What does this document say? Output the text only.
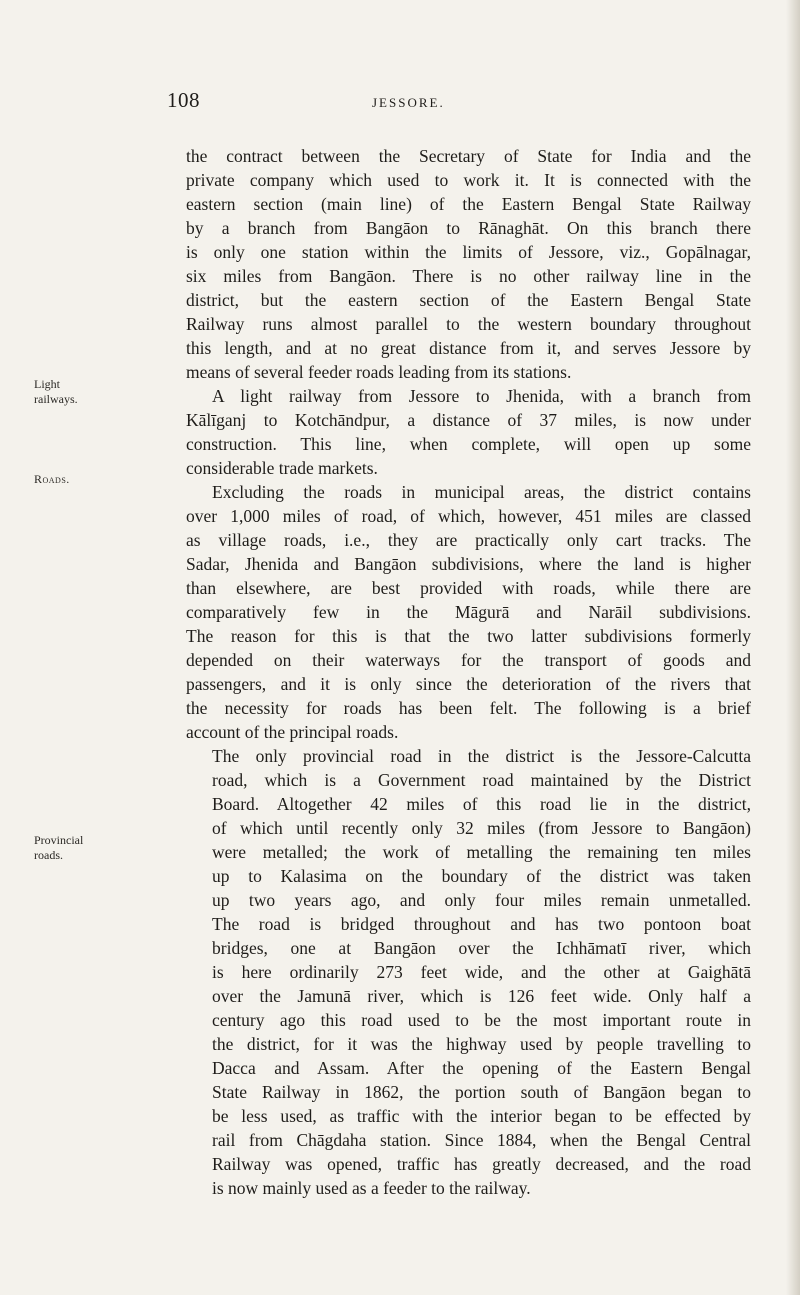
108	JESSORE.
Light
railways.
Roads.
Provincial
roads.
the contract between the Secretary of State for India and the
private company which used to work it. It is connected with the
eastern section (main line) of the Eastern Bengal State Railway
by a branch from Bangāon to Rānaghāt. On this branch there
is only one station within the limits of Jessore, viz., Gopālnagar,
six miles from Bangāon. There is no other railway line in the
district, but the eastern section of the Eastern Bengal State
Railway runs almost parallel to the western boundary throughout
this length, and at no great distance from it, and serves Jessore by
means of several feeder roads leading from its stations.
A light railway from Jessore to Jhenida, with a branch from
Kālīganj to Kotchāndpur, a distance of 37 miles, is now under
construction. This line, when complete, will open up some
considerable trade markets.
Excluding the roads in municipal areas, the district contains
over 1,000 miles of road, of which, however, 451 miles are classed
as village roads, i.e., they are practically only cart tracks. The
Sadar, Jhenida and Bangāon subdivisions, where the land is higher
than elsewhere, are best provided with roads, while there are
comparatively few in the Māgurā and Narāil subdivisions.
The reason for this is that the two latter subdivisions formerly
depended on their waterways for the transport of goods and
passengers, and it is only since the deterioration of the rivers that
the necessity for roads has been felt. The following is a brief
account of the principal roads.
The only provincial road in the district is the Jessore-Calcutta
road, which is a Government road maintained by the District
Board. Altogether 42 miles of this road lie in the district,
of which until recently only 32 miles (from Jessore to Bangāon)
were metalled; the work of metalling the remaining ten miles
up to Kalasima on the boundary of the district was taken
up two years ago, and only four miles remain unmetalled.
The road is bridged throughout and has two pontoon boat
bridges, one at Bangāon over the Ichhāmatī river, which
is here ordinarily 273 feet wide, and the other at Gaighātā
over the Jamunā river, which is 126 feet wide. Only half a
century ago this road used to be the most important route in
the district, for it was the highway used by people travelling to
Dacca and Assam. After the opening of the Eastern Bengal
State Railway in 1862, the portion south of Bangāon began to
be less used, as traffic with the interior began to be effected by
rail from Chāgdaha station. Since 1884, when the Bengal Central
Railway was opened, traffic has greatly decreased, and the road
is now mainly used as a feeder to the railway.
